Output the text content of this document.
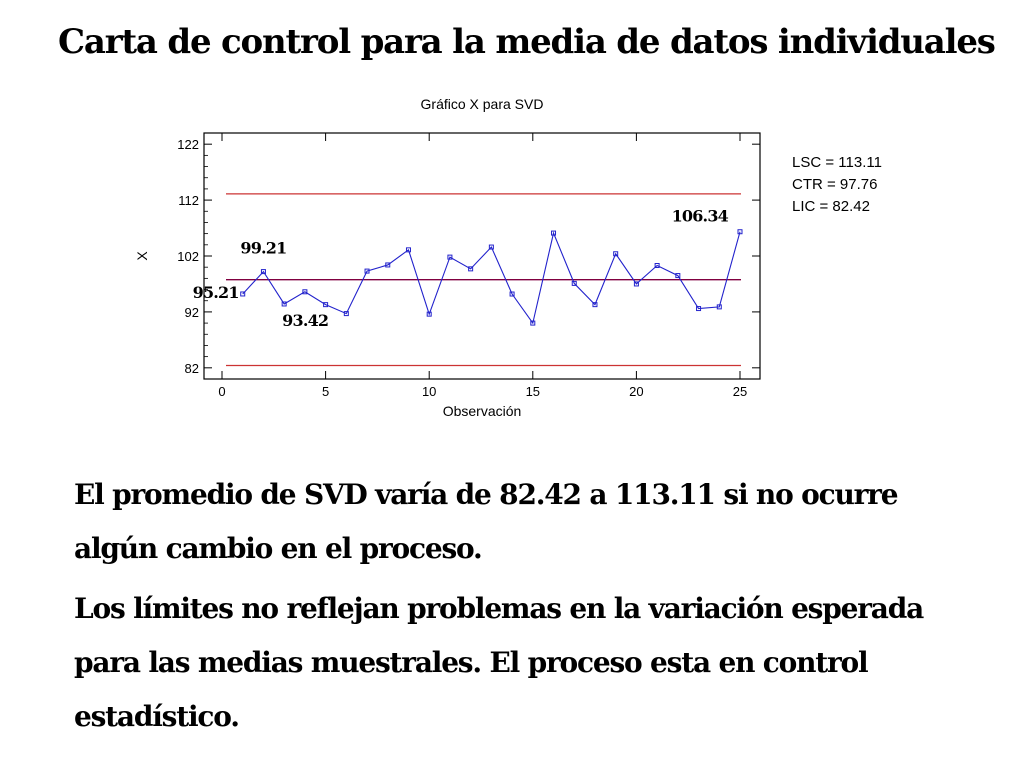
Carta de control para la media de datos individuales
Gráfico X para SVD
82
92
102
112
122
0	5	10	15	20	25
95.21
99.21
93.42
106.34
Observación
X
LSC = 113.11
CTR = 97.76
LIC = 82.42

El promedio de SVD varía de 82.42 a 113.11 si no ocurre algún cambio en el proceso.

Los límites no reflejan problemas en la variación esperada para las medias muestrales. El proceso esta en control estadístico.
